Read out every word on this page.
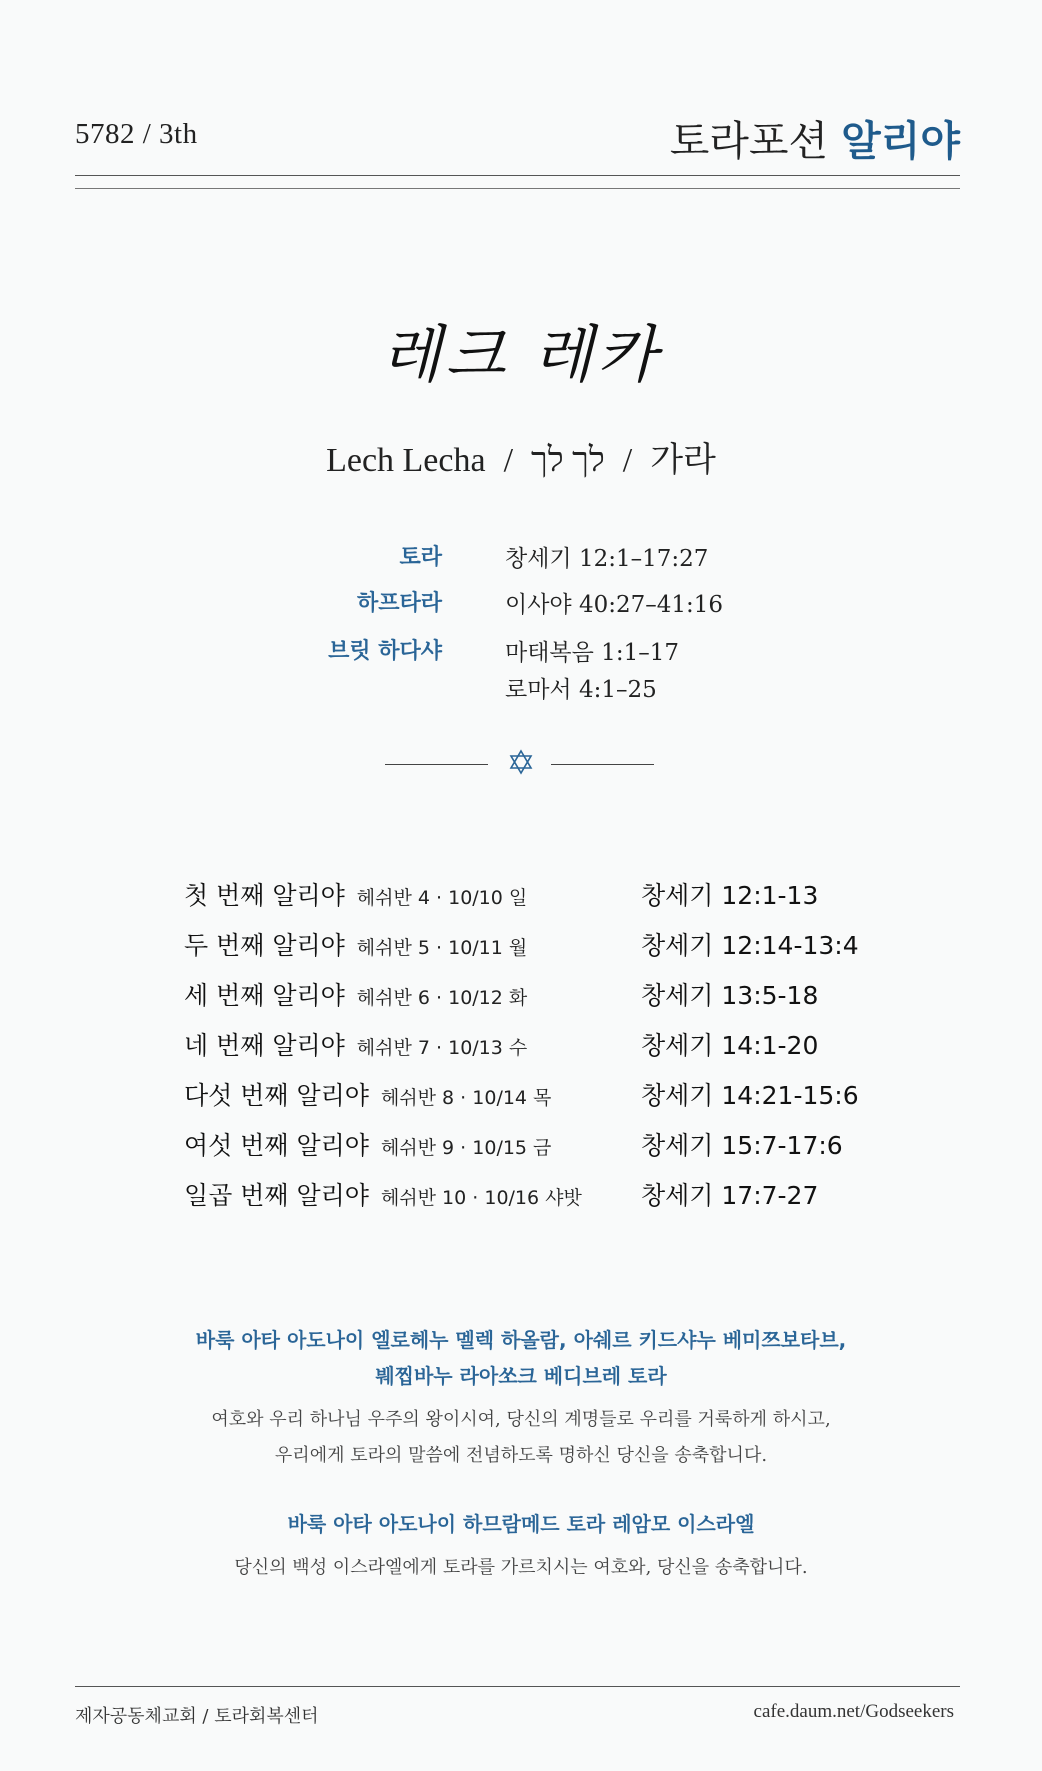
5782 / 3th	토라포션 알리야
레크 레카
Lech Lecha / לך לך / 가라
토라	창세기 12:1–17:27
하프타라	이사야 40:27–41:16
브릿 하다샤	마태복음 1:1–17
로마서 4:1–25
첫 번째 알리야 헤쉬반 4 · 10/10 일	창세기 12:1-13
두 번째 알리야 헤쉬반 5 · 10/11 월	창세기 12:14-13:4
세 번째 알리야 헤쉬반 6 · 10/12 화	창세기 13:5-18
네 번째 알리야 헤쉬반 7 · 10/13 수	창세기 14:1-20
다섯 번째 알리야 헤쉬반 8 · 10/14 목	창세기 14:21-15:6
여섯 번째 알리야 헤쉬반 9 · 10/15 금	창세기 15:7-17:6
일곱 번째 알리야 헤쉬반 10 · 10/16 샤밧 창세기 17:7-27
바룩 아타 아도나이 엘로헤누 멜렉 하올람, 아쉐르 키드샤누 베미쯔보타브,
붸찝바누 라아쏘크 베디브레 토라
여호와 우리 하나님 우주의 왕이시여, 당신의 계명들로 우리를 거룩하게 하시고,
우리에게 토라의 말씀에 전념하도록 명하신 당신을 송축합니다.
바룩 아타 아도나이 하므람메드 토라 레암모 이스라엘
당신의 백성 이스라엘에게 토라를 가르치시는 여호와, 당신을 송축합니다.
제자공동체교회 / 토라회복센터	cafe.daum.net/Godseekers
